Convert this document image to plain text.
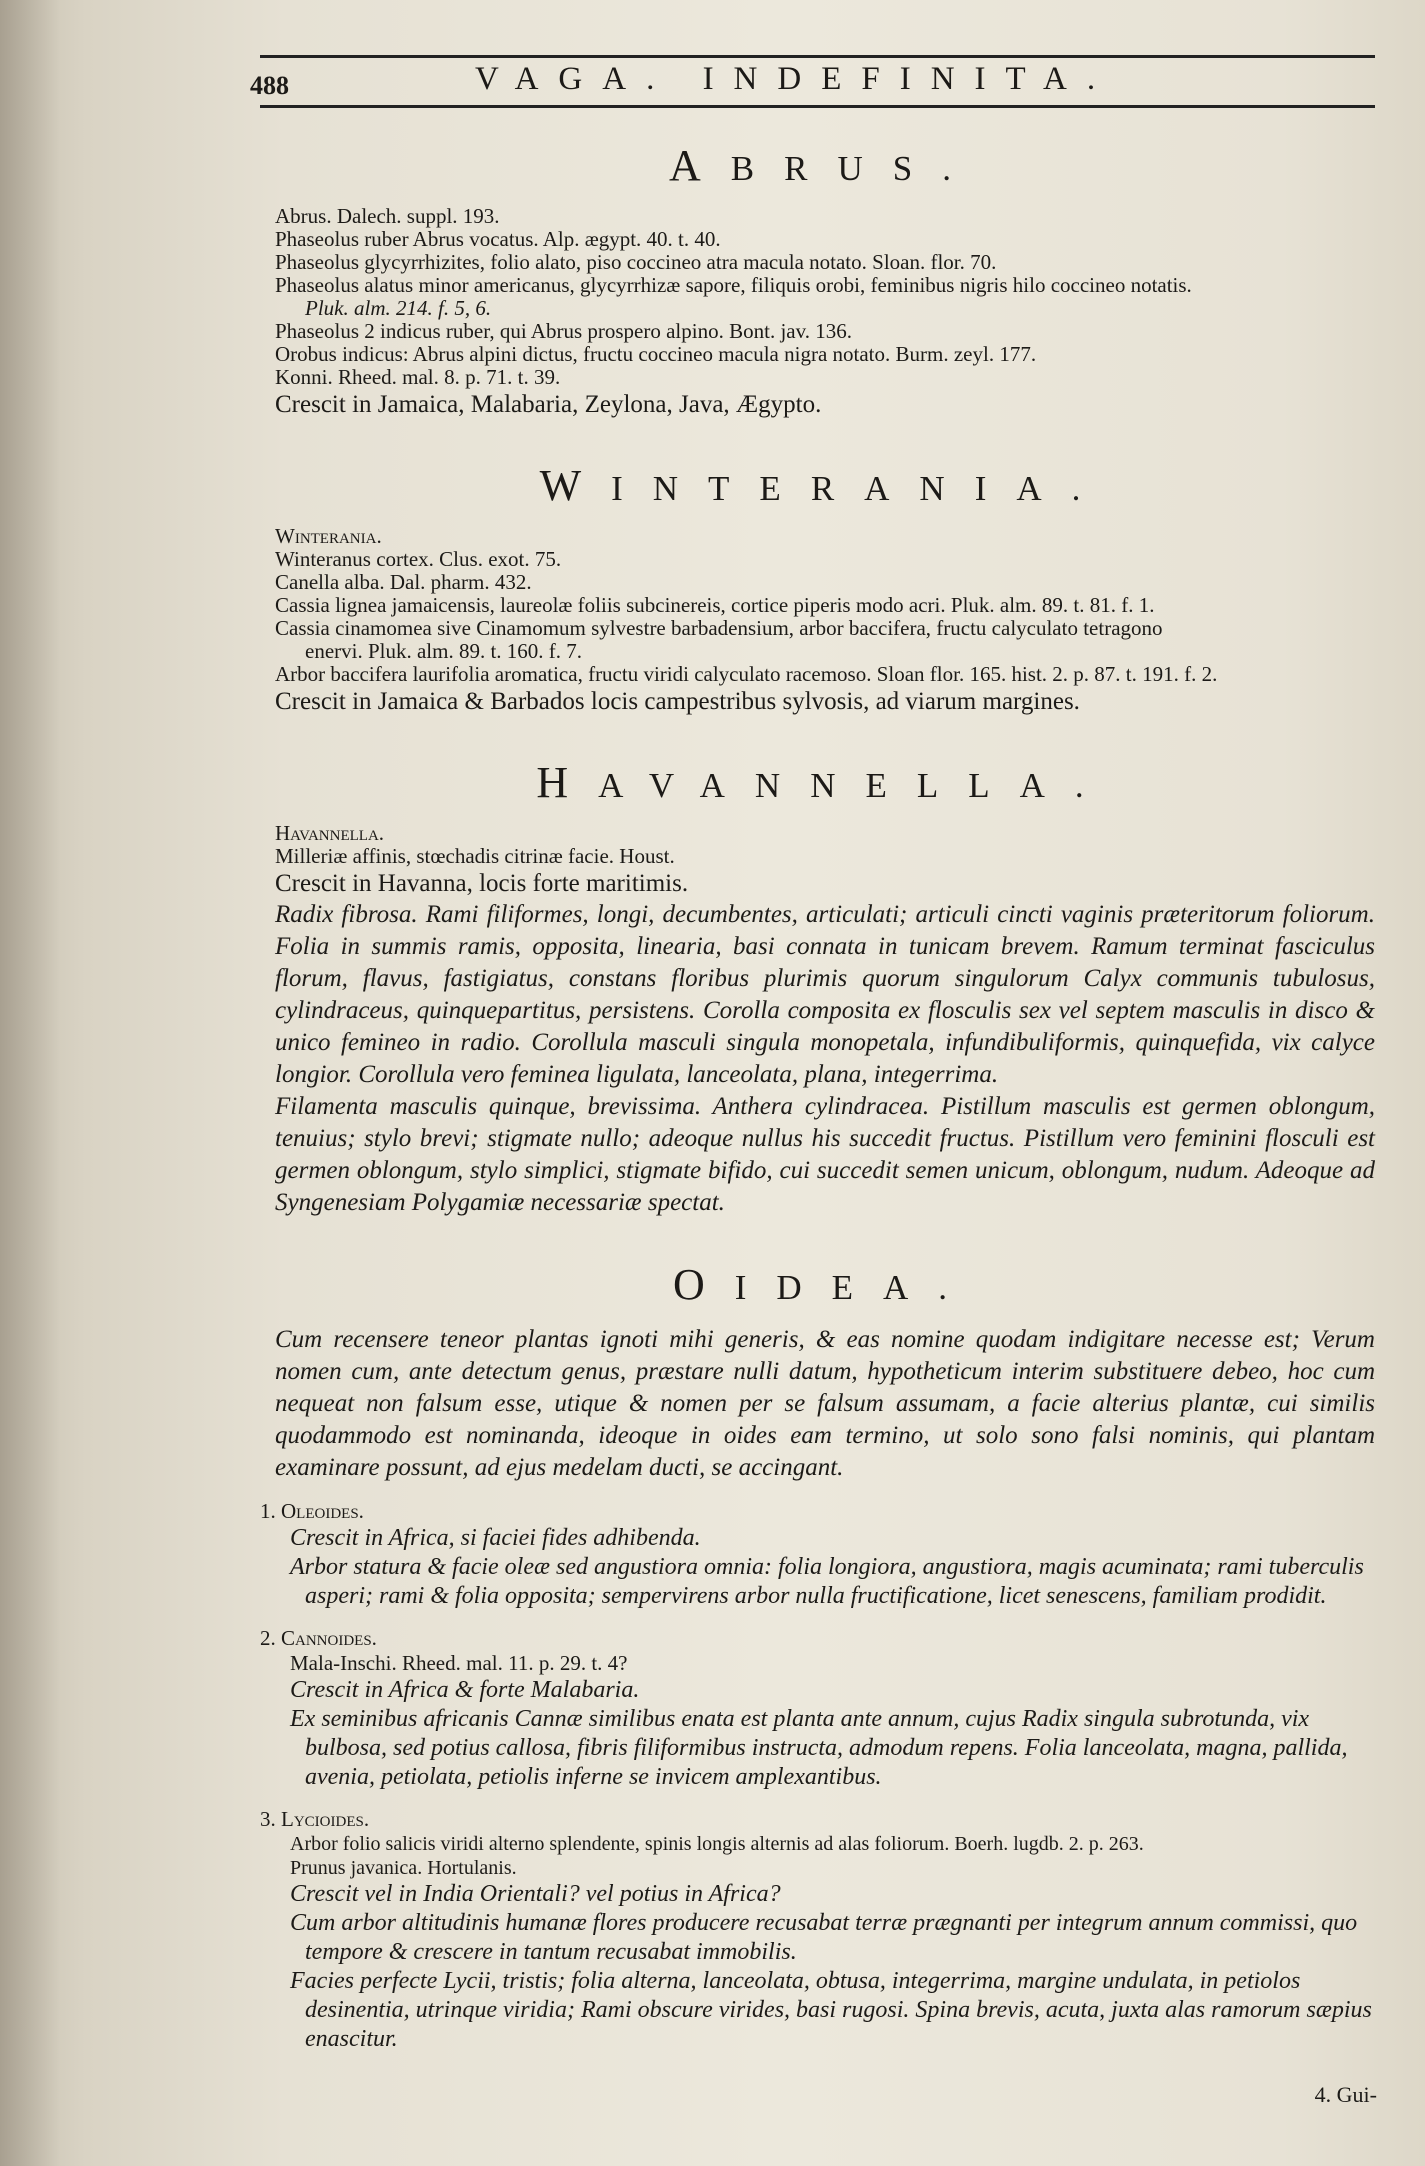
488	VAGA. INDEFINITA.
ABRUS.
Abrus. Dalech. suppl. 193.
Phaseolus ruber Abrus vocatus. Alp. ægypt. 40. t. 40.
Phaseolus glycyrrhizites, folio alato, piso coccineo atra macula notato. Sloan. flor. 70.
Phaseolus alatus minor americanus, glycyrrhizæ sapore, filiquis orobi, feminibus nigris hilo coccineo notatis.
Pluk. alm. 214. f. 5, 6.
Phaseolus 2 indicus ruber, qui Abrus prospero alpino. Bont. jav. 136.
Orobus indicus: Abrus alpini dictus, fructu coccineo macula nigra notato. Burm. zeyl. 177.
Konni. Rheed. mal. 8. p. 71. t. 39.
Crescit in Jamaica, Malabaria, Zeylona, Java, Ægypto.
WINTERANIA.
Winterania.
Winteranus cortex. Clus. exot. 75.
Canella alba. Dal. pharm. 432.
Cassia lignea jamaicensis, laureolæ foliis subcinereis, cortice piperis modo acri. Pluk. alm. 89. t. 81. f. 1.
Cassia cinamomea sive Cinamomum sylvestre barbadensium, arbor baccifera, fructu calyculato tetragono
enervi. Pluk. alm. 89. t. 160. f. 7.
Arbor baccifera laurifolia aromatica, fructu viridi calyculato racemoso. Sloan flor. 165. hist. 2. p. 87. t. 191. f. 2.
Crescit in Jamaica & Barbados locis campestribus sylvosis, ad viarum margines.
HAVANNELLA.
Havannella.
Milleriæ affinis, stœchadis citrinæ facie. Houst.
Crescit in Havanna, locis forte maritimis.
Radix fibrosa. Rami filiformes, longi, decumbentes, articulati; articuli cincti vaginis præteritorum foliorum. Folia in summis ramis, opposita, linearia, basi connata in tunicam brevem. Ramum terminat fasciculus florum, flavus, fastigiatus, constans floribus plurimis quorum singulorum Calyx communis tubulosus, cylindraceus, quinquepartitus, persistens. Corolla composita ex flosculis sex vel septem masculis in disco & unico femineo in radio. Corollula masculi singula monopetala, infundibuliformis, quinquefida, vix calyce longior. Corollula vero feminea ligulata, lanceolata, plana, integerrima.
Filamenta masculis quinque, brevissima. Anthera cylindracea. Pistillum masculis est germen oblongum, tenuius; stylo brevi; stigmate nullo; adeoque nullus his succedit fructus. Pistillum vero feminini flosculi est germen oblongum, stylo simplici, stigmate bifido, cui succedit semen unicum, oblongum, nudum. Adeoque ad Syngenesiam Polygamiæ necessariæ spectat.
OIDEA.
Cum recensere teneor plantas ignoti mihi generis, & eas nomine quodam indigitare necesse est; Verum nomen cum, ante detectum genus, præstare nulli datum, hypotheticum interim substituere debeo, hoc cum nequeat non falsum esse, utique & nomen per se falsum assumam, a facie alterius plantæ, cui similis quodammodo est nominanda, ideoque in oides eam termino, ut solo sono falsi nominis, qui plantam examinare possunt, ad ejus medelam ducti, se accingant.
1. Oleoides.
Crescit in Africa, si faciei fides adhibenda.
Arbor statura & facie oleæ sed angustiora omnia: folia longiora, angustiora, magis acuminata; rami tuberculis asperi; rami & folia opposita; sempervirens arbor nulla fructificatione, licet senescens, familiam prodidit.
2. Cannoides.
Mala-Inschi. Rheed. mal. 11. p. 29. t. 4?
Crescit in Africa & forte Malabaria.
Ex seminibus africanis Cannæ similibus enata est planta ante annum, cujus Radix singula subrotunda, vix bulbosa, sed potius callosa, fibris filiformibus instructa, admodum repens. Folia lanceolata, magna, pallida, avenia, petiolata, petiolis inferne se invicem amplexantibus.
3. Lycioides.
Arbor folio salicis viridi alterno splendente, spinis longis alternis ad alas foliorum. Boerh. lugdb. 2. p. 263.
Prunus javanica. Hortulanis.
Crescit vel in India Orientali? vel potius in Africa?
Cum arbor altitudinis humanæ flores producere recusabat terræ prægnanti per integrum annum commissi, quo tempore & crescere in tantum recusabat immobilis.
Facies perfecte Lycii, tristis; folia alterna, lanceolata, obtusa, integerrima, margine undulata, in petiolos desinentia, utrinque viridia; Rami obscure virides, basi rugosi. Spina brevis, acuta, juxta alas ramorum sæpius enascitur.
4. Gui-
